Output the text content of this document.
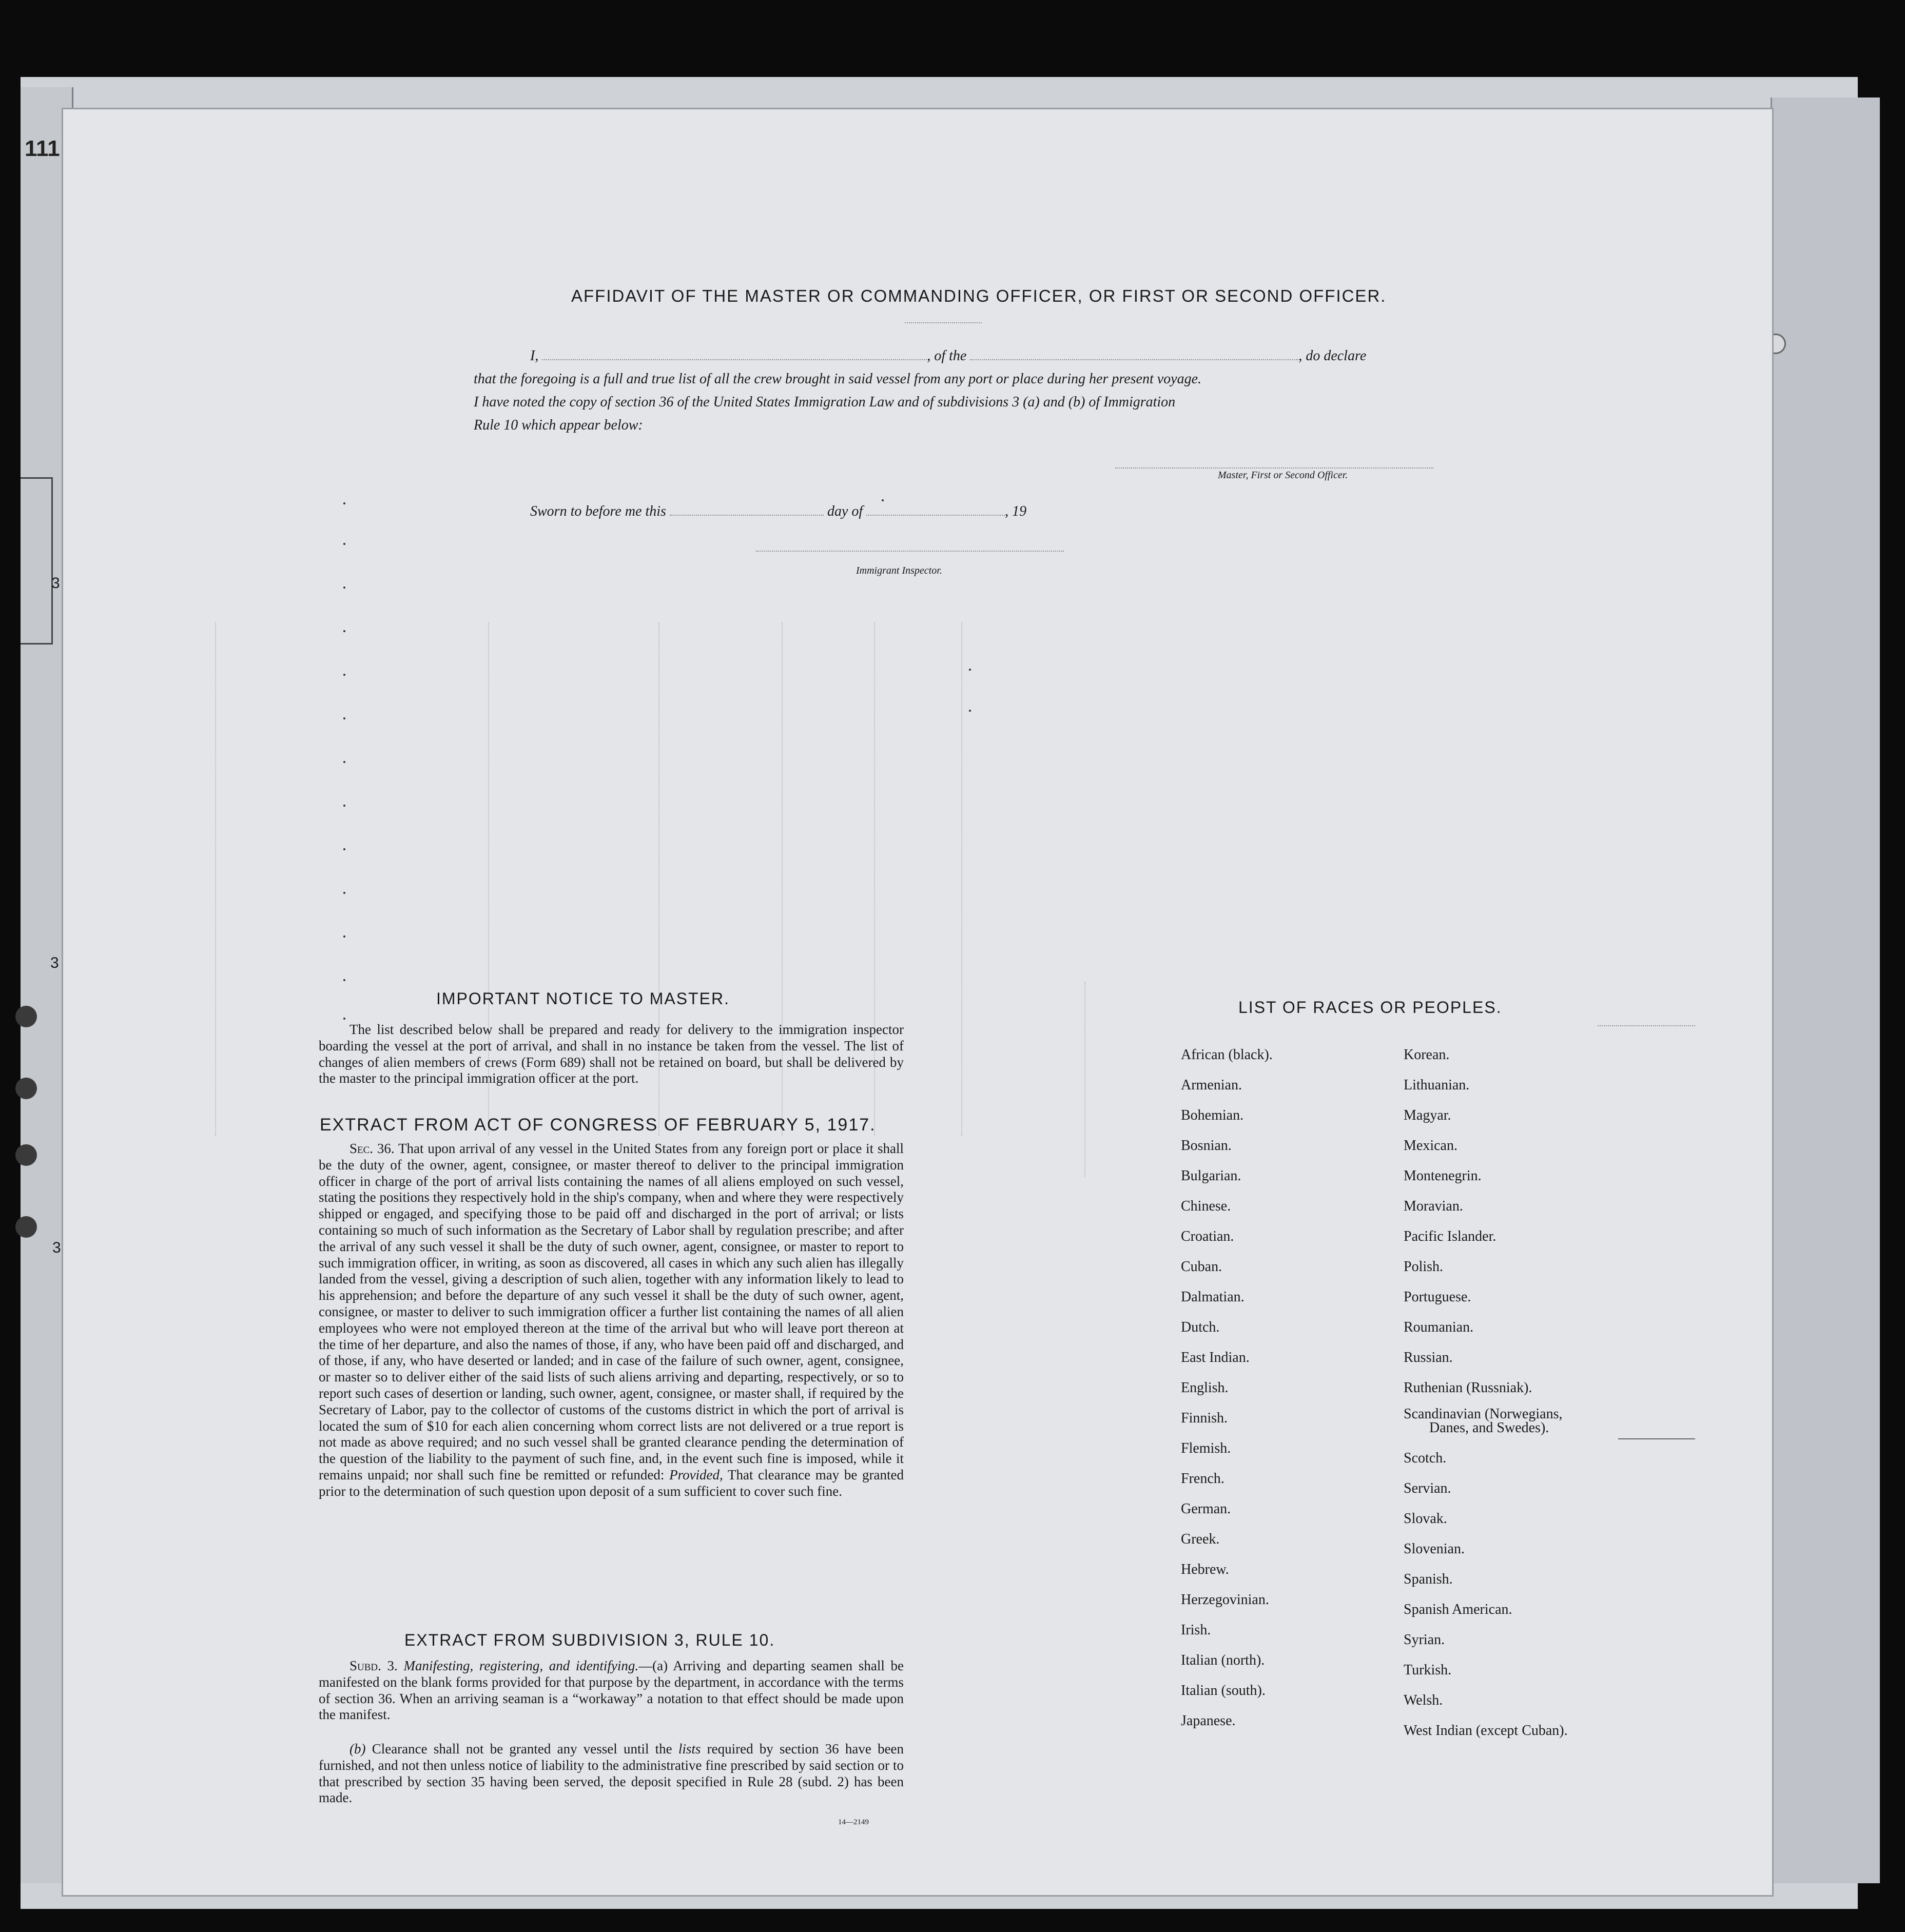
111
3
3
3
AFFIDAVIT OF THE MASTER OR COMMANDING OFFICER, OR FIRST OR SECOND OFFICER.
I,	, of the	, do declare
that the foregoing is a full and true list of all the crew brought in said vessel from any port or place during her present voyage.
I have noted the copy of section 36 of the United States Immigration Law and of subdivisions 3 (a) and (b) of Immigration
Rule 10 which appear below:
Master, First or Second Officer.
Sworn to before me this	day of	, 19
Immigrant Inspector.
IMPORTANT NOTICE TO MASTER.
The list described below shall be prepared and ready for delivery to the immigration inspector boarding the vessel at the port of arrival, and shall in no instance be taken from the vessel. The list of changes of alien members of crews (Form 689) shall not be retained on board, but shall be delivered by the master to the principal immigration officer at the port.
EXTRACT FROM ACT OF CONGRESS OF FEBRUARY 5, 1917.
Sec. 36. That upon arrival of any vessel in the United States from any foreign port or place it shall be the duty of the owner, agent, consignee, or master thereof to deliver to the principal immigration officer in charge of the port of arrival lists containing the names of all aliens employed on such vessel, stating the positions they respectively hold in the ship's company, when and where they were respectively shipped or engaged, and specifying those to be paid off and discharged in the port of arrival; or lists containing so much of such information as the Secretary of Labor shall by regulation prescribe; and after the arrival of any such vessel it shall be the duty of such owner, agent, consignee, or master to report to such immigration officer, in writing, as soon as discovered, all cases in which any such alien has illegally landed from the vessel, giving a description of such alien, together with any information likely to lead to his apprehension; and before the departure of any such vessel it shall be the duty of such owner, agent, consignee, or master to deliver to such immigration officer a further list containing the names of all alien employees who were not employed thereon at the time of the arrival but who will leave port thereon at the time of her departure, and also the names of those, if any, who have been paid off and discharged, and of those, if any, who have deserted or landed; and in case of the failure of such owner, agent, consignee, or master so to deliver either of the said lists of such aliens arriving and departing, respectively, or so to report such cases of desertion or landing, such owner, agent, consignee, or master shall, if required by the Secretary of Labor, pay to the collector of customs of the customs district in which the port of arrival is located the sum of $10 for each alien concerning whom correct lists are not delivered or a true report is not made as above required; and no such vessel shall be granted clearance pending the determination of the question of the liability to the payment of such fine, and, in the event such fine is imposed, while it remains unpaid; nor shall such fine be remitted or refunded: Provided, That clearance may be granted prior to the determination of such question upon deposit of a sum sufficient to cover such fine.
EXTRACT FROM SUBDIVISION 3, RULE 10.
Subd. 3. Manifesting, registering, and identifying.—(a) Arriving and departing seamen shall be manifested on the blank forms provided for that purpose by the department, in accordance with the terms of section 36. When an arriving seaman is a “workaway” a notation to that effect should be made upon the manifest.
(b) Clearance shall not be granted any vessel until the lists required by section 36 have been furnished, and not then unless notice of liability to the administrative fine prescribed by said section or to that prescribed by section 35 having been served, the deposit specified in Rule 28 (subd. 2) has been made.
14—2149
LIST OF RACES OR PEOPLES.
African (black).
Armenian.
Bohemian.
Bosnian.
Bulgarian.
Chinese.
Croatian.
Cuban.
Dalmatian.
Dutch.
East Indian.
English.
Finnish.
Flemish.
French.
German.
Greek.
Hebrew.
Herzegovinian.
Irish.
Italian (north).
Italian (south).
Japanese.
Korean.
Lithuanian.
Magyar.
Mexican.
Montenegrin.
Moravian.
Pacific Islander.
Polish.
Portuguese.
Roumanian.
Russian.
Ruthenian (Russniak).
Scandinavian (Norwegians,
Danes, and Swedes).
Scotch.
Servian.
Slovak.
Slovenian.
Spanish.
Spanish American.
Syrian.
Turkish.
Welsh.
West Indian (except Cuban).
